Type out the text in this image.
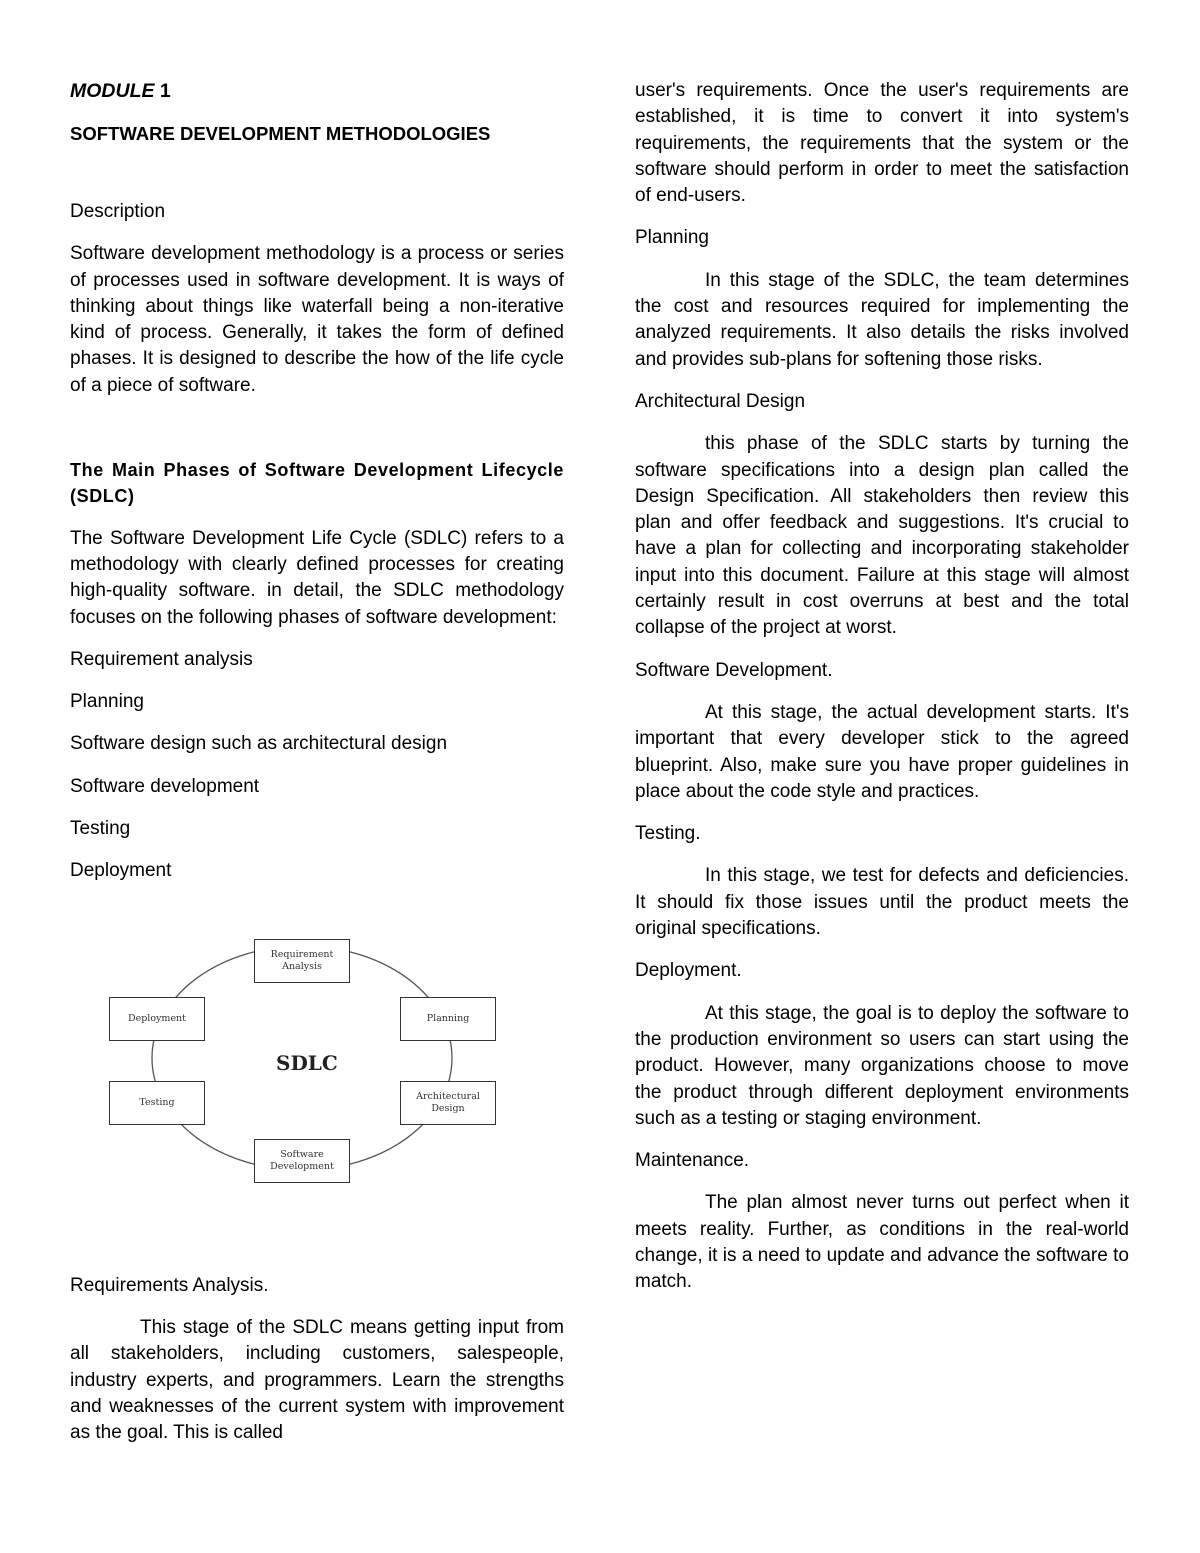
MODULE 1
SOFTWARE DEVELOPMENT METHODOLOGIES

Description

Software development methodology is a process or series of processes used in software development. It is ways of thinking about things like waterfall being a non-iterative kind of process. Generally, it takes the form of defined phases. It is designed to describe the how of the life cycle of a piece of software.

The Main Phases of Software Development Lifecycle (SDLC)

The Software Development Life Cycle (SDLC) refers to a methodology with clearly defined processes for creating high-quality software. in detail, the SDLC methodology focuses on the following phases of software development:

Requirement analysis

Planning

Software design such as architectural design

Software development

Testing

Deployment

Requirement Analysis
Planning
Architectural Design
Software Development
Testing
Deployment
SDLC

Requirements Analysis.

This stage of the SDLC means getting input from all stakeholders, including customers, salespeople, industry experts, and programmers. Learn the strengths and weaknesses of the current system with improvement as the goal. This is called

user's requirements. Once the user's requirements are established, it is time to convert it into system's requirements, the requirements that the system or the software should perform in order to meet the satisfaction of end-users.

Planning

In this stage of the SDLC, the team determines the cost and resources required for implementing the analyzed requirements. It also details the risks involved and provides sub-plans for softening those risks.

Architectural Design

this phase of the SDLC starts by turning the software specifications into a design plan called the Design Specification. All stakeholders then review this plan and offer feedback and suggestions. It's crucial to have a plan for collecting and incorporating stakeholder input into this document. Failure at this stage will almost certainly result in cost overruns at best and the total collapse of the project at worst.

Software Development.

At this stage, the actual development starts. It's important that every developer stick to the agreed blueprint. Also, make sure you have proper guidelines in place about the code style and practices.

Testing.

In this stage, we test for defects and deficiencies. It should fix those issues until the product meets the original specifications.

Deployment.

At this stage, the goal is to deploy the software to the production environment so users can start using the product. However, many organizations choose to move the product through different deployment environments such as a testing or staging environment.

Maintenance.

The plan almost never turns out perfect when it meets reality. Further, as conditions in the real-world change, it is a need to update and advance the software to match.
